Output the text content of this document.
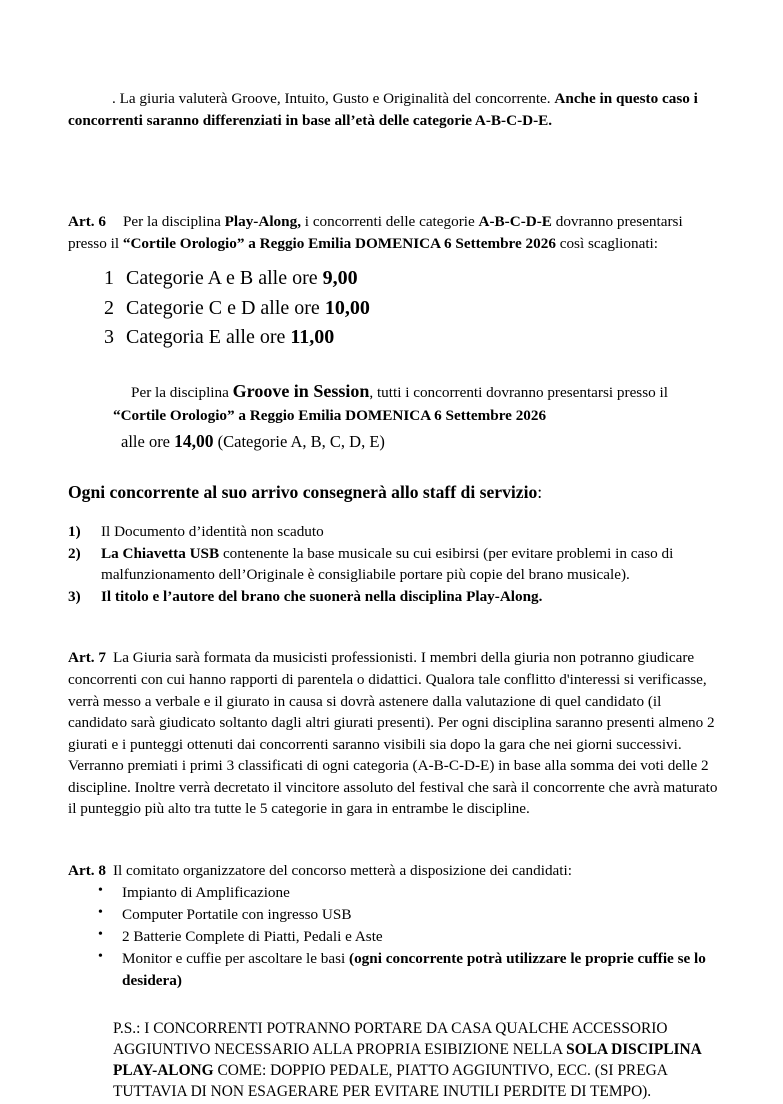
. La giuria valuterà Groove, Intuito, Gusto e Originalità del concorrente. Anche in questo caso i concorrenti saranno differenziati in base all’età delle categorie A-B-C-D-E.

Art. 6 Per la disciplina Play-Along, i concorrenti delle categorie A-B-C-D-E dovranno presentarsi presso il “Cortile Orologio” a Reggio Emilia DOMENICA 6 Settembre 2026 così scaglionati:

1 Categorie A e B alle ore 9,00
2 Categorie C e D alle ore 10,00
3 Categoria E alle ore 11,00

Per la disciplina Groove in Session, tutti i concorrenti dovranno presentarsi presso il

“Cortile Orologio” a Reggio Emilia DOMENICA 6 Settembre 2026

alle ore 14,00 (Categorie A, B, C, D, E)

Ogni concorrente al suo arrivo consegnerà allo staff di servizio:

1) Il Documento d’identità non scaduto
2) La Chiavetta USB contenente la base musicale su cui esibirsi (per evitare problemi in caso di malfunzionamento dell’Originale è consigliabile portare più copie del brano musicale).
3) Il titolo e l’autore del brano che suonerà nella disciplina Play-Along.

Art. 7 La Giuria sarà formata da musicisti professionisti. I membri della giuria non potranno giudicare concorrenti con cui hanno rapporti di parentela o didattici. Qualora tale conflitto d'interessi si verificasse, verrà messo a verbale e il giurato in causa si dovrà astenere dalla valutazione di quel candidato (il candidato sarà giudicato soltanto dagli altri giurati presenti). Per ogni disciplina saranno presenti almeno 2 giurati e i punteggi ottenuti dai concorrenti saranno visibili sia dopo la gara che nei giorni successivi. Verranno premiati i primi 3 classificati di ogni categoria (A-B-C-D-E) in base alla somma dei voti delle 2 discipline. Inoltre verrà decretato il vincitore assoluto del festival che sarà il concorrente che avrà maturato il punteggio più alto tra tutte le 5 categorie in gara in entrambe le discipline.

Art. 8 Il comitato organizzatore del concorso metterà a disposizione dei candidati:

• Impianto di Amplificazione
• Computer Portatile con ingresso USB
• 2 Batterie Complete di Piatti, Pedali e Aste
• Monitor e cuffie per ascoltare le basi (ogni concorrente potrà utilizzare le proprie cuffie se lo desidera)

P.S.: I CONCORRENTI POTRANNO PORTARE DA CASA QUALCHE ACCESSORIO AGGIUNTIVO NECESSARIO ALLA PROPRIA ESIBIZIONE NELLA SOLA DISCIPLINA PLAY-ALONG COME: DOPPIO PEDALE, PIATTO AGGIUNTIVO, ECC. (SI PREGA TUTTAVIA DI NON ESAGERARE PER EVITARE INUTILI PERDITE DI TEMPO).
